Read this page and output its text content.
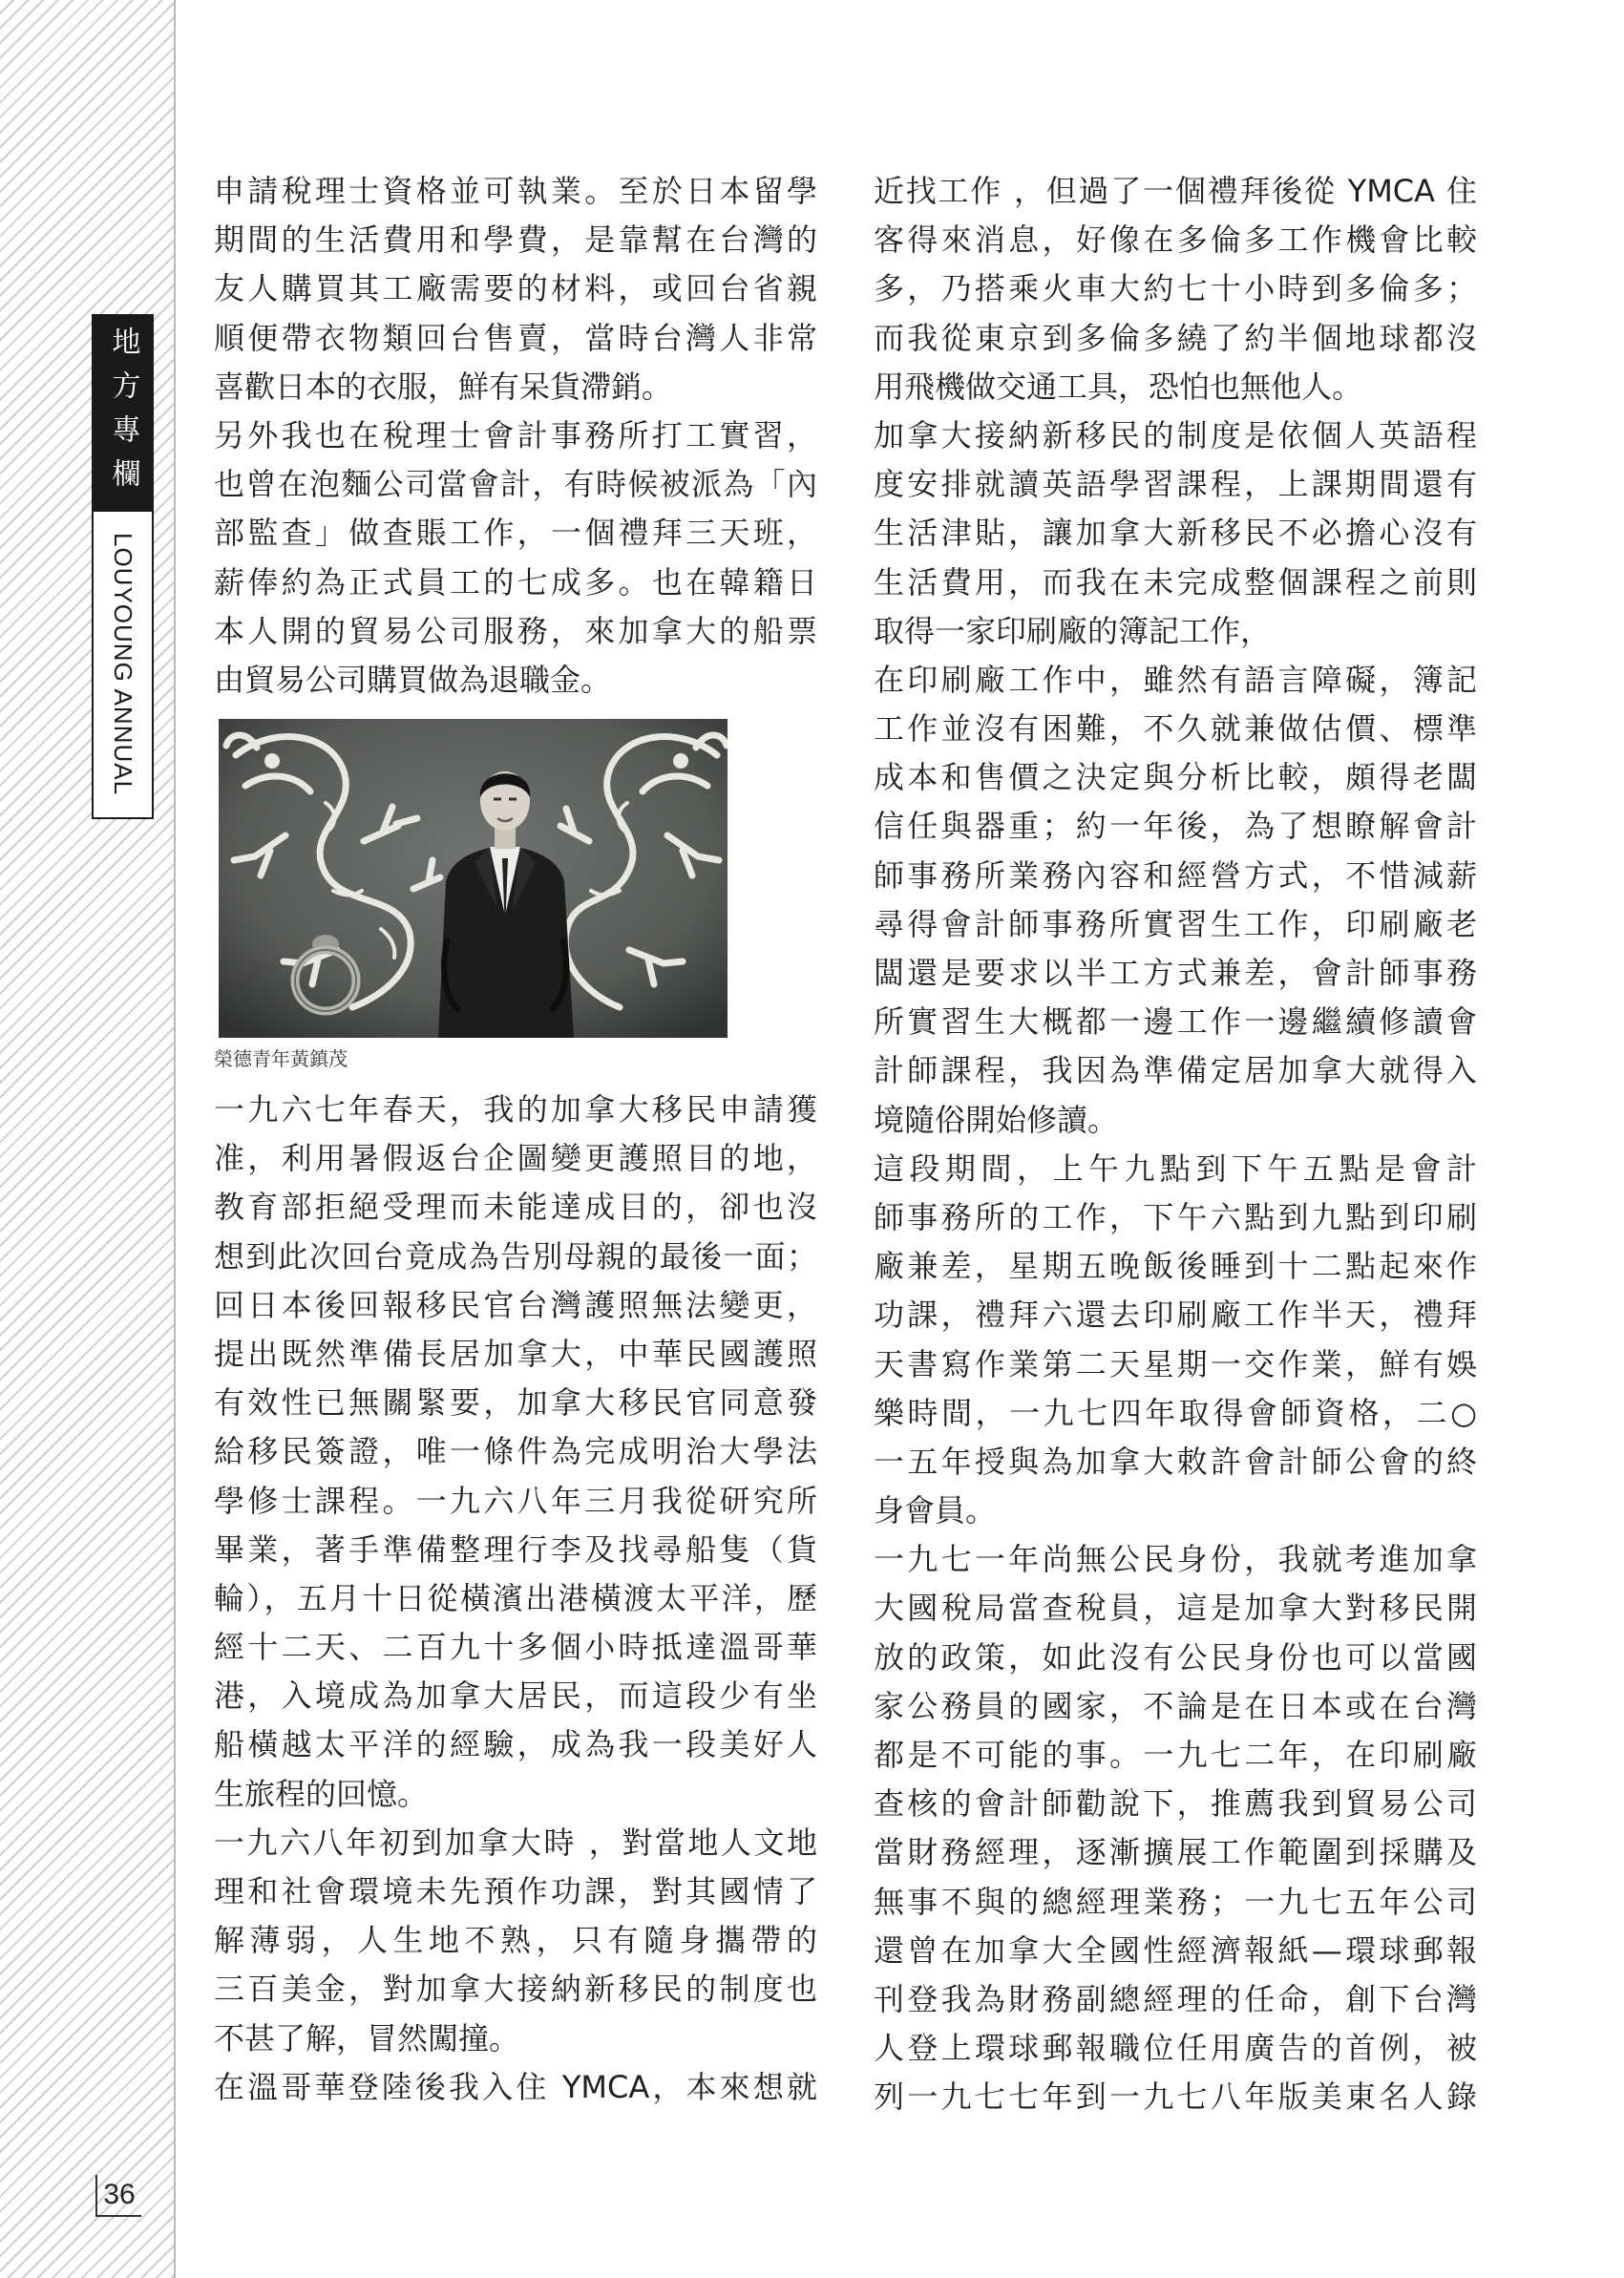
地方專欄
LOUYOUNG ANNUAL
36
申請稅理士資格並可執業。至於日本留學
期間的生活費用和學費，是靠幫在台灣的
友人購買其工廠需要的材料，或回台省親
順便帶衣物類回台售賣，當時台灣人非常
喜歡日本的衣服，鮮有呆貨滯銷。
另外我也在稅理士會計事務所打工實習，
也曾在泡麵公司當會計，有時候被派為「內
部監查」做查賬工作，一個禮拜三天班，
薪俸約為正式員工的七成多。也在韓籍日
本人開的貿易公司服務，來加拿大的船票
由貿易公司購買做為退職金。
榮德青年黃鎮茂
一九六七年春天，我的加拿大移民申請獲
准，利用暑假返台企圖變更護照目的地，
教育部拒絕受理而未能達成目的，卻也沒
想到此次回台竟成為告別母親的最後一面；
回日本後回報移民官台灣護照無法變更，
提出既然準備長居加拿大，中華民國護照
有效性已無關緊要，加拿大移民官同意發
給移民簽證，唯一條件為完成明治大學法
學修士課程。一九六八年三月我從研究所
畢業，著手準備整理行李及找尋船隻（貨
輪），五月十日從橫濱出港橫渡太平洋，歷
經十二天、二百九十多個小時抵達溫哥華
港，入境成為加拿大居民，而這段少有坐
船橫越太平洋的經驗，成為我一段美好人
生旅程的回憶。
一九六八年初到加拿大時 ，對當地人文地
理和社會環境未先預作功課，對其國情了
解薄弱，人生地不熟，只有隨身攜帶的
三百美金，對加拿大接納新移民的制度也
不甚了解，冒然闖撞。
在溫哥華登陸後我入住 YMCA，本來想就
近找工作 ，但過了一個禮拜後從 YMCA 住
客得來消息，好像在多倫多工作機會比較
多，乃搭乘火車大約七十小時到多倫多；
而我從東京到多倫多繞了約半個地球都沒
用飛機做交通工具，恐怕也無他人。
加拿大接納新移民的制度是依個人英語程
度安排就讀英語學習課程，上課期間還有
生活津貼，讓加拿大新移民不必擔心沒有
生活費用，而我在未完成整個課程之前則
取得一家印刷廠的簿記工作，
在印刷廠工作中，雖然有語言障礙，簿記
工作並沒有困難，不久就兼做估價、標準
成本和售價之決定與分析比較，頗得老闆
信任與器重；約一年後，為了想瞭解會計
師事務所業務內容和經營方式，不惜減薪
尋得會計師事務所實習生工作，印刷廠老
闆還是要求以半工方式兼差，會計師事務
所實習生大概都一邊工作一邊繼續修讀會
計師課程，我因為準備定居加拿大就得入
境隨俗開始修讀。
這段期間，上午九點到下午五點是會計
師事務所的工作，下午六點到九點到印刷
廠兼差，星期五晚飯後睡到十二點起來作
功課，禮拜六還去印刷廠工作半天，禮拜
天書寫作業第二天星期一交作業，鮮有娛
樂時間，一九七四年取得會師資格，二○
一五年授與為加拿大敕許會計師公會的終
身會員。
一九七一年尚無公民身份，我就考進加拿
大國稅局當查稅員，這是加拿大對移民開
放的政策，如此沒有公民身份也可以當國
家公務員的國家，不論是在日本或在台灣
都是不可能的事。一九七二年，在印刷廠
查核的會計師勸說下，推薦我到貿易公司
當財務經理，逐漸擴展工作範圍到採購及
無事不與的總經理業務；一九七五年公司
還曾在加拿大全國性經濟報紙—環球郵報
刊登我為財務副總經理的任命，創下台灣
人登上環球郵報職位任用廣告的首例，被
列一九七七年到一九七八年版美東名人錄
